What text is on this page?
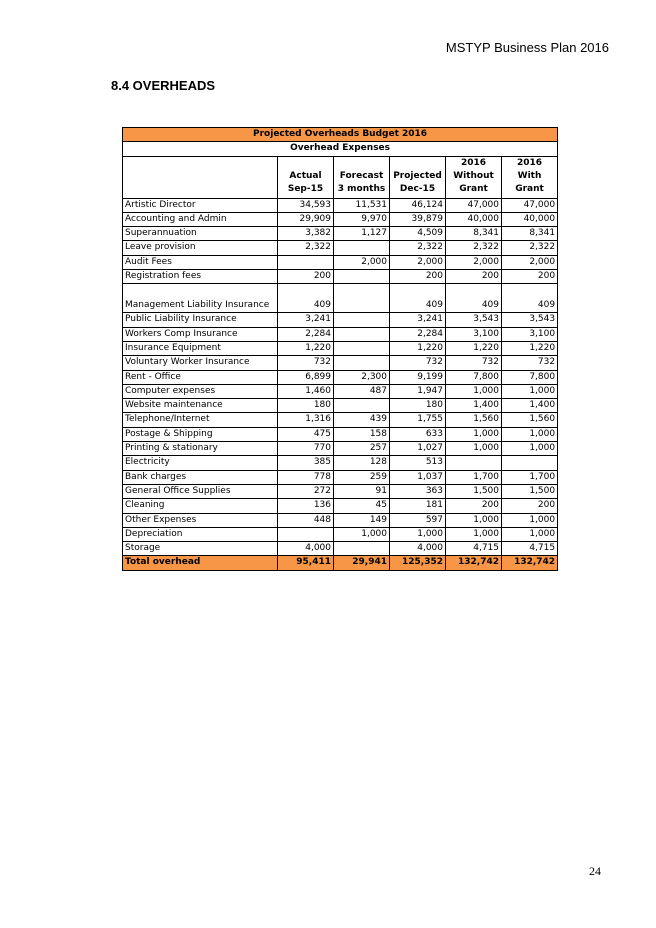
MSTYP Business Plan 2016
8.4 OVERHEADS
Projected Overheads Budget 2016					
Overhead Expenses					
	Actual Sep-15	Forecast 3 months	Projected Dec-15	2016 Without Grant	2016 With Grant
Artistic Director	34,593	11,531	46,124	47,000	47,000
Accounting and Admin	29,909	9,970	39,879	40,000	40,000
Superannuation	3,382	1,127	4,509	8,341	8,341
Leave provision	2,322		2,322	2,322	2,322
Audit Fees		2,000	2,000	2,000	2,000
Registration fees	200		200	200	200
Management Liability Insurance	409		409	409	409
Public Liability Insurance	3,241		3,241	3,543	3,543
Workers Comp Insurance	2,284		2,284	3,100	3,100
Insurance Equipment	1,220		1,220	1,220	1,220
Voluntary Worker Insurance	732		732	732	732
Rent - Office	6,899	2,300	9,199	7,800	7,800
Computer expenses	1,460	487	1,947	1,000	1,000
Website maintenance	180		180	1,400	1,400
Telephone/Internet	1,316	439	1,755	1,560	1,560
Postage & Shipping	475	158	633	1,000	1,000
Printing & stationary	770	257	1,027	1,000	1,000
Electricity	385	128	513		
Bank charges	778	259	1,037	1,700	1,700
General Office Supplies	272	91	363	1,500	1,500
Cleaning	136	45	181	200	200
Other Expenses	448	149	597	1,000	1,000
Depreciation		1,000	1,000	1,000	1,000
Storage	4,000		4,000	4,715	4,715
Total overhead	95,411	29,941	125,352	132,742	132,742
24
